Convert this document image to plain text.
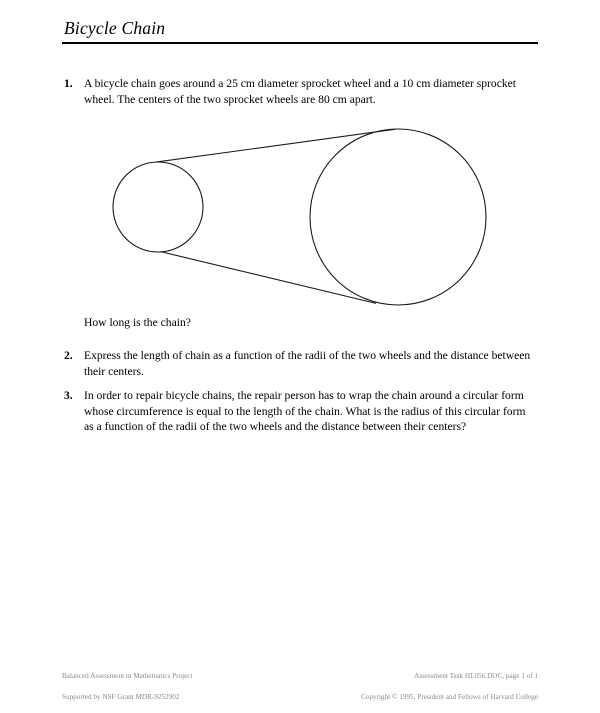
Bicycle Chain
1. A bicycle chain goes around a 25 cm diameter sprocket wheel and a 10 cm diameter sprocket wheel. The centers of the two sprocket wheels are 80 cm apart.
How long is the chain?
2. Express the length of chain as a function of the radii of the two wheels and the distance between their centers.
3. In order to repair bicycle chains, the repair person has to wrap the chain around a circular form whose circumference is equal to the length of the chain. What is the radius of this circular form as a function of the radii of the two wheels and the distance between their centers?

Balanced Assessment in Mathematics Project

Supported by NSF Grant MDR-9252902

Assessment Task HL056.DOC, page 1 of 1

Copyright © 1995, President and Fellows of Harvard College
